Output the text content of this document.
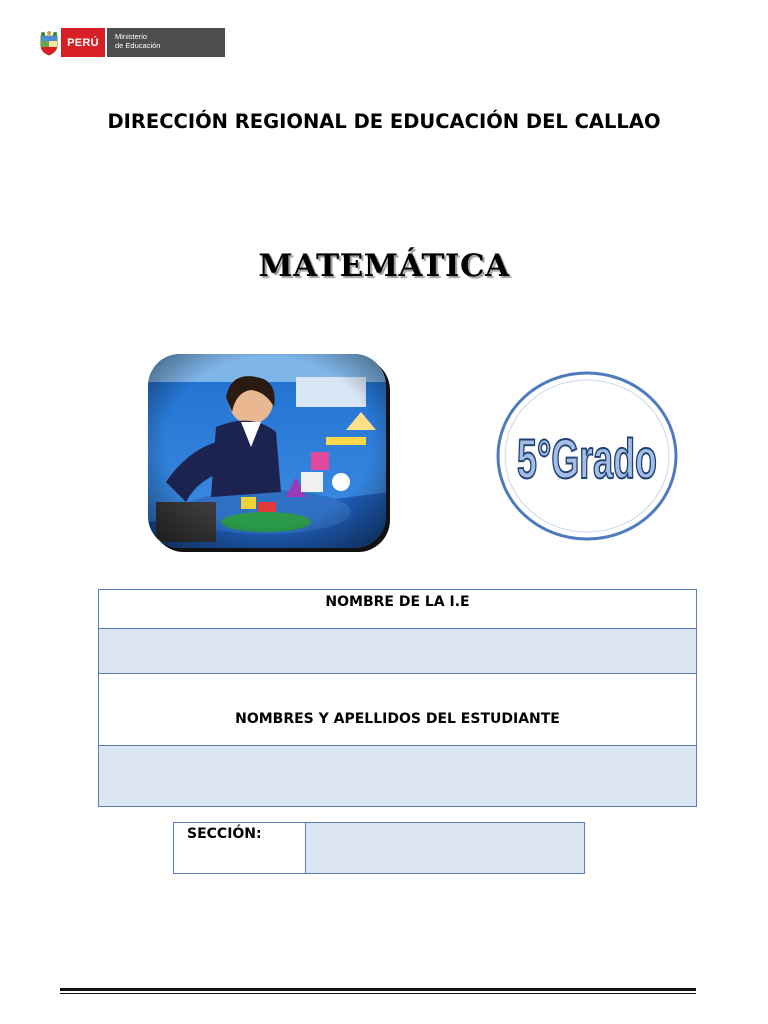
PERÚ	Ministerio
de Educación
DIRECCIÓN REGIONAL DE EDUCACIÓN DEL CALLAO
MATEMÁTICA
5°Grado
NOMBRE DE LA I.E

NOMBRES Y APELLIDOS DEL ESTUDIANTE

SECCIÓN:	
